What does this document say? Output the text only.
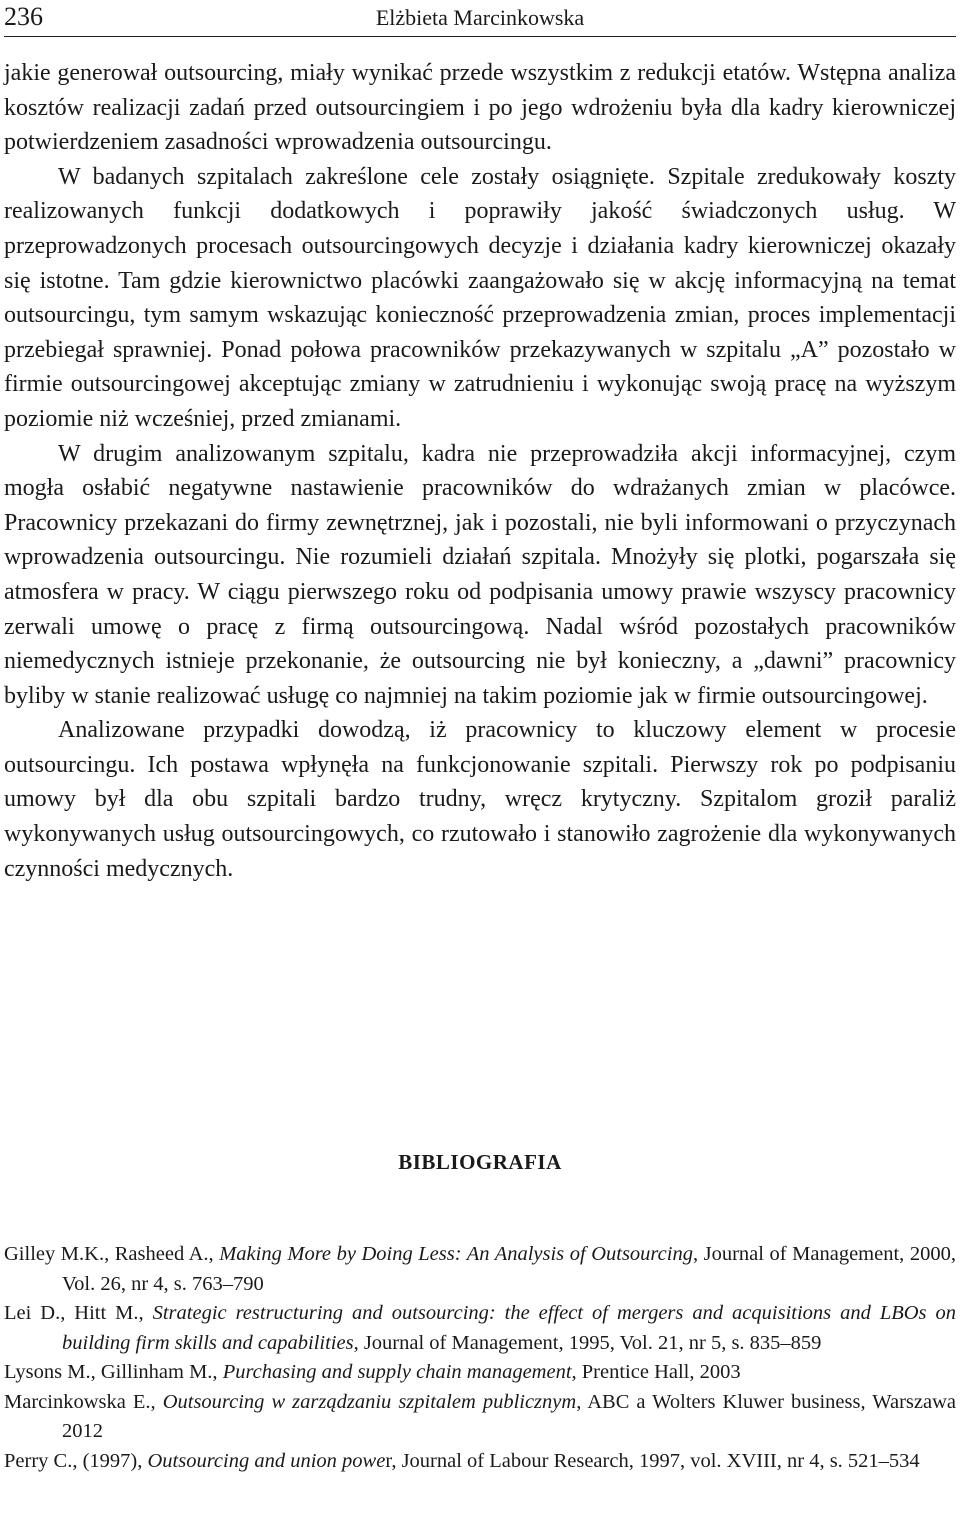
236	Elżbieta Marcinkowska

jakie generował outsourcing, miały wynikać przede wszystkim z redukcji etatów. Wstępna analiza kosztów realizacji zadań przed outsourcingiem i po jego wdrożeniu była dla kadry kierowniczej potwierdzeniem zasadności wprowadzenia outsourcingu.

W badanych szpitalach zakreślone cele zostały osiągnięte. Szpitale zredukowały koszty realizowanych funkcji dodatkowych i poprawiły jakość świadczonych usług. W przeprowadzonych procesach outsourcingowych decyzje i działania kadry kierowniczej okazały się istotne. Tam gdzie kierownictwo placówki zaangażowało się w akcję informacyjną na temat outsourcingu, tym samym wskazując konieczność przeprowadzenia zmian, proces implementacji przebiegał sprawniej. Ponad połowa pracowników przekazywanych w szpitalu „A” pozostało w firmie outsourcingowej akceptując zmiany w zatrudnieniu i wykonując swoją pracę na wyższym poziomie niż wcześniej, przed zmianami.

W drugim analizowanym szpitalu, kadra nie przeprowadziła akcji informacyjnej, czym mogła osłabić negatywne nastawienie pracowników do wdrażanych zmian w placówce. Pracownicy przekazani do firmy zewnętrznej, jak i pozostali, nie byli informowani o przyczynach wprowadzenia outsourcingu. Nie rozumieli działań szpitala. Mnożyły się plotki, pogarszała się atmosfera w pracy. W ciągu pierwszego roku od podpisania umowy prawie wszyscy pracownicy zerwali umowę o pracę z firmą outsourcingową. Nadal wśród pozostałych pracowników niemedycznych istnieje przekonanie, że outsourcing nie był konieczny, a „dawni” pracownicy byliby w stanie realizować usługę co najmniej na takim poziomie jak w firmie outsourcingowej.

Analizowane przypadki dowodzą, iż pracownicy to kluczowy element w procesie outsourcingu. Ich postawa wpłynęła na funkcjonowanie szpitali. Pierwszy rok po podpisaniu umowy był dla obu szpitali bardzo trudny, wręcz krytyczny. Szpitalom groził paraliż wykonywanych usług outsourcingowych, co rzutowało i stanowiło zagrożenie dla wykonywanych czynności medycznych.

BIBLIOGRAFIA

Gilley M.K., Rasheed A., Making More by Doing Less: An Analysis of Outsourcing, Journal of Management, 2000, Vol. 26, nr 4, s. 763–790

Lei D., Hitt M., Strategic restructuring and outsourcing: the effect of mergers and acquisitions and LBOs on building firm skills and capabilities, Journal of Management, 1995, Vol. 21, nr 5, s. 835–859

Lysons M., Gillinham M., Purchasing and supply chain management, Prentice Hall, 2003

Marcinkowska E., Outsourcing w zarządzaniu szpitalem publicznym, ABC a Wolters Kluwer business, Warszawa 2012

Perry C., (1997), Outsourcing and union power, Journal of Labour Research, 1997, vol. XVIII, nr 4, s. 521–534
